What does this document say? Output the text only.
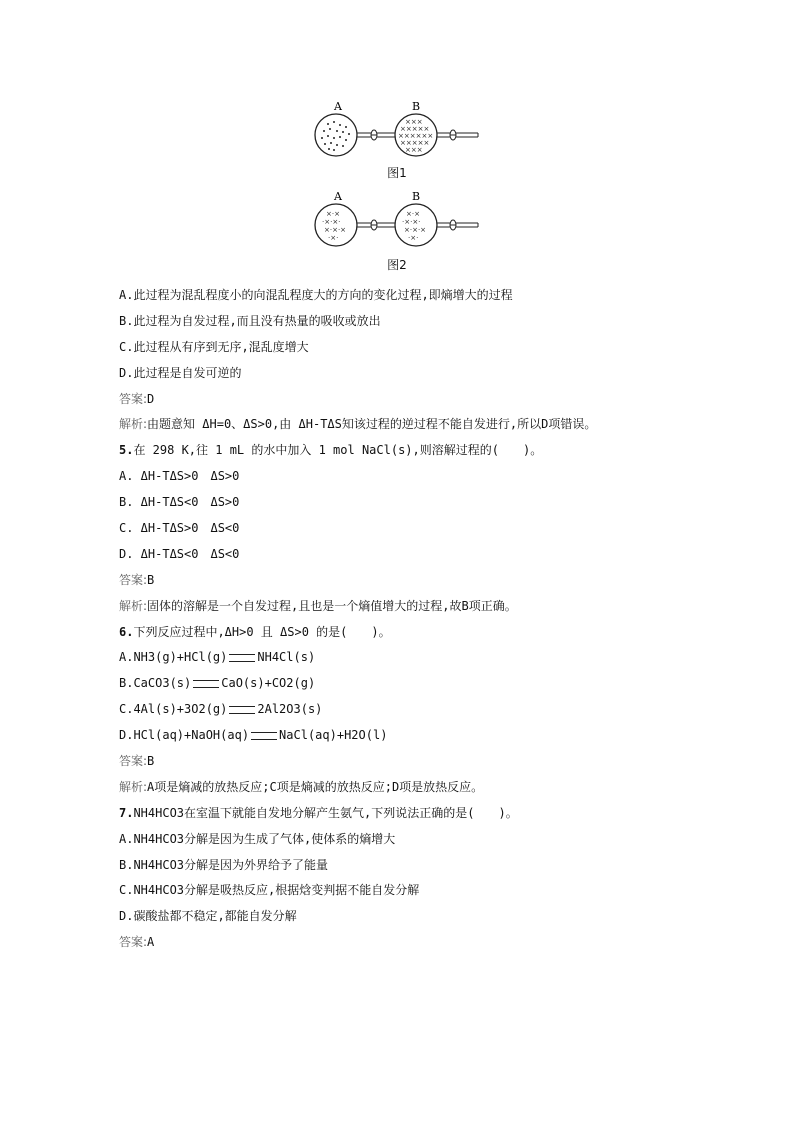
A	B
×××
×××××
××××××
×××××
×××
图1
A	B
×·×
·×·×·
×·×·×
·×·
×·×
·×·×·
×·×·×
·×·
图2
A.此过程为混乱程度小的向混乱程度大的方向的变化过程,即熵增大的过程
B.此过程为自发过程,而且没有热量的吸收或放出
C.此过程从有序到无序,混乱度增大
D.此过程是自发可逆的
答案:D
解析:由题意知 ΔH=0、ΔS>0,由 ΔH-TΔS知该过程的逆过程不能自发进行,所以D项错误。
5.在 298 K,往 1 mL 的水中加入 1 mol NaCl(s),则溶解过程的(　　)。
A. ΔH-TΔS>0　ΔS>0
B. ΔH-TΔS<0　ΔS>0
C. ΔH-TΔS>0　ΔS<0
D. ΔH-TΔS<0　ΔS<0
答案:B
解析:固体的溶解是一个自发过程,且也是一个熵值增大的过程,故B项正确。
6.下列反应过程中,ΔH>0 且 ΔS>0 的是(　　)。
A.NH3(g)+HCl(g)	NH4Cl(s)
B.CaCO3(s)	CaO(s)+CO2(g)
C.4Al(s)+3O2(g)	2Al2O3(s)
D.HCl(aq)+NaOH(aq)	NaCl(aq)+H2O(l)
答案:B
解析:A项是熵减的放热反应;C项是熵减的放热反应;D项是放热反应。
7.NH4HCO3在室温下就能自发地分解产生氨气,下列说法正确的是(　　)。
A.NH4HCO3分解是因为生成了气体,使体系的熵增大
B.NH4HCO3分解是因为外界给予了能量
C.NH4HCO3分解是吸热反应,根据焓变判据不能自发分解
D.碳酸盐都不稳定,都能自发分解
答案:A
